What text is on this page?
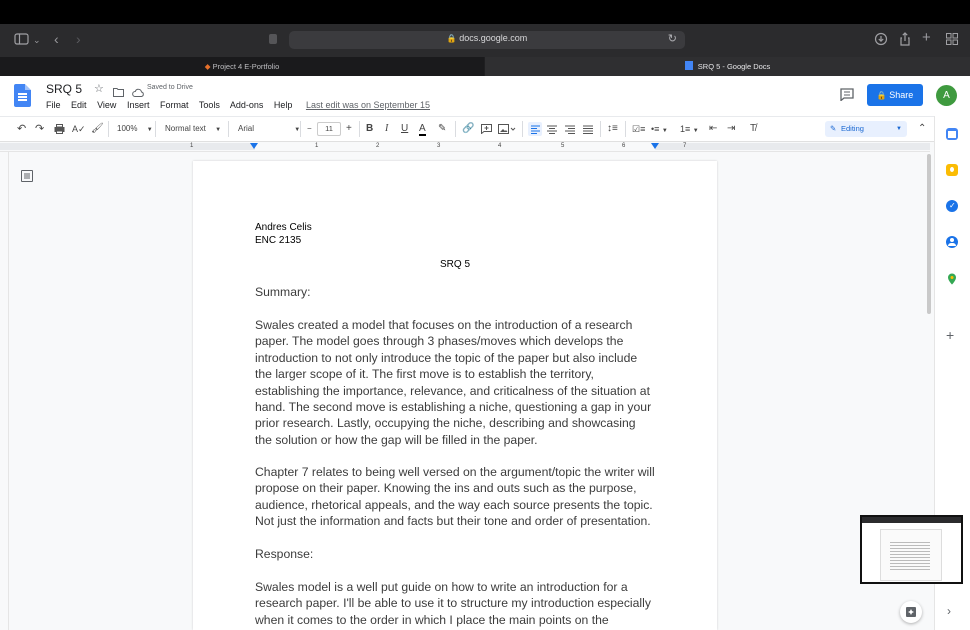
⌄ ‹ ›	🔒 docs.google.com	↻	+
◆ Project 4 E-Portfolio	SRQ 5 - Google Docs
SRQ 5 ☆	Saved to Drive
File Edit View Insert Format Tools Add-ons Help Last edit was on September 15
🔒 Share	A
↶ ↷	A✓ 🖌 100% ▼ Normal text ▼ Arial	▼ −	11	+ B I U A ✎ 🔗	↕≡ ☑≡ •≡ ▼ 1≡ ▼ ⇤ ⇥ T̸	✎ Editing	▼ ⌃
1	1	2	3	4	5	6	7
Andres Celis
ENC 2135
SRQ 5
Summary:
Swales created a model that focuses on the introduction of a research
paper. The model goes through 3 phases/moves which develops the
introduction to not only introduce the topic of the paper but also include
the larger scope of it. The first move is to establish the territory,
establishing the importance, relevance, and criticalness of the situation at
hand. The second move is establishing a niche, questioning a gap in your
prior research. Lastly, occupying the niche, describing and showcasing
the solution or how the gap will be filled in the paper.
Chapter 7 relates to being well versed on the argument/topic the writer will
propose on their paper. Knowing the ins and outs such as the purpose,
audience, rhetorical appeals, and the way each source presents the topic.
Not just the information and facts but their tone and order of presentation.
Response:
Swales model is a well put guide on how to write an introduction for a
research paper. I'll be able to use it to structure my introduction especially
when it comes to the order in which I place the main points on the
✓
+
›
